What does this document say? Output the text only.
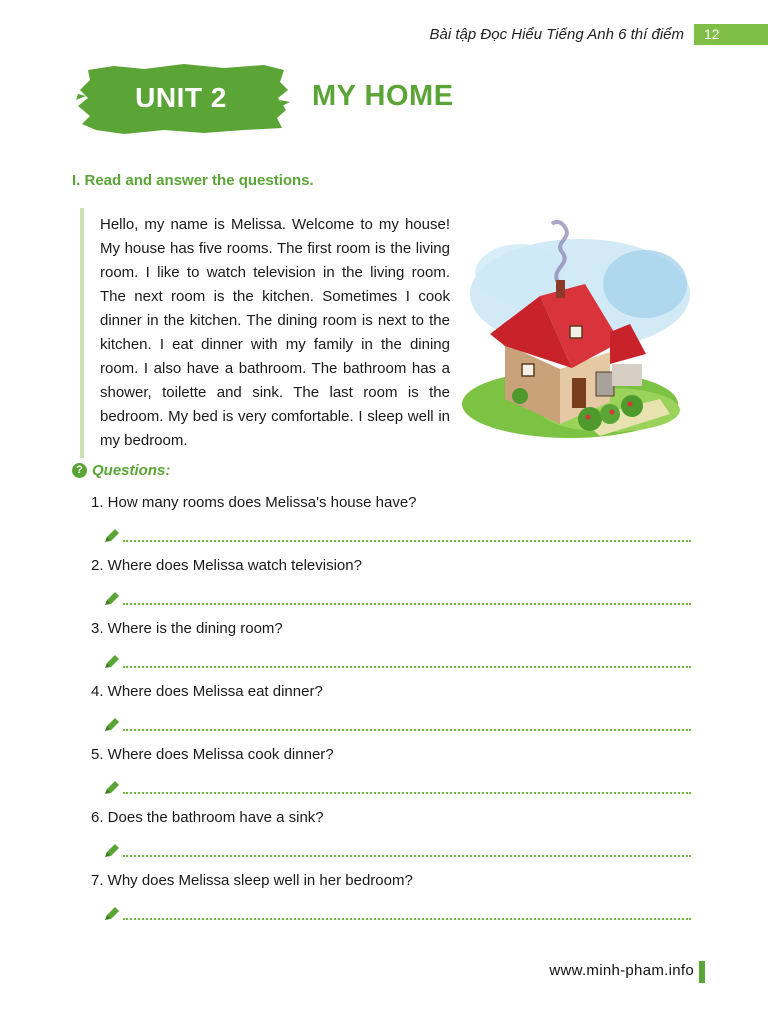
Bài tập Đọc Hiểu Tiếng Anh 6 thí điểm	12
UNIT 2	MY HOME
I. Read and answer the questions.
Hello, my name is Melissa. Welcome to my house! My house has five rooms. The first room is the living room. I like to watch television in the living room. The next room is the kitchen. Sometimes I cook dinner in the kitchen. The dining room is next to the kitchen. I eat dinner with my family in the dining room. I also have a bathroom. The bathroom has a shower, toilette and sink. The last room is the bedroom. My bed is very comfortable. I sleep well in my bedroom.
? Questions:
1. How many rooms does Melissa's house have?
2. Where does Melissa watch television?
3. Where is the dining room?
4. Where does Melissa eat dinner?
5. Where does Melissa cook dinner?
6. Does the bathroom have a sink?
7. Why does Melissa sleep well in her bedroom?
www.minh-pham.info
